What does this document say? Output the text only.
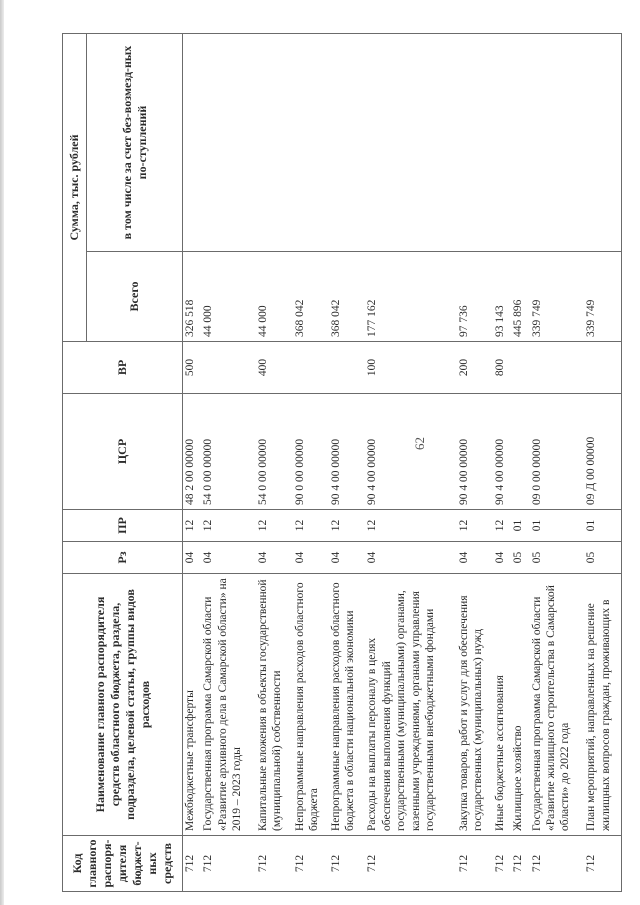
62
Код главного распоря-дителя бюджет-ных средств	Наименование главного распорядителя средств областного бюджета, раздела, подраздела, целевой статьи, группы видов расходов	Рз	ПР	ЦСР	ВР	Сумма, тыс. рублей	
						Всего	в том числе за счет без-возмезд-ных по-ступлений
712	Межбюджетные трансферты	04	12	48 2 00 00000	500	326 518	
712	Государственная программа Самарской области «Развитие архивного дела в Самарской области» на 2019 – 2023 годы	04	12	54 0 00 00000		44 000	
712	Капитальные вложения в объекты государственной (муниципальной) собственности	04	12	54 0 00 00000	400	44 000	
712	Непрограммные направления расходов областного бюджета	04	12	90 0 00 00000		368 042	
712	Непрограммные направления расходов областного бюджета в области национальной экономики	04	12	90 4 00 00000		368 042	
712	Расходы на выплаты персоналу в целях обеспечения выполнения функций государственными (муниципальными) органами, казенными учреждениями, органами управления государственными внебюджетными фондами	04	12	90 4 00 00000	100	177 162	
712	Закупка товаров, работ и услуг для обеспечения государственных (муниципальных) нужд	04	12	90 4 00 00000	200	97 736	
712	Иные бюджетные ассигнования	04	12	90 4 00 00000	800	93 143	
712	Жилищное хозяйство	05	01			445 896	
712	Государственная программа Самарской области «Развитие жилищного строительства в Самарской области» до 2022 года	05	01	09 0 00 00000		339 749	
712	План мероприятий, направленных на решение жилищных вопросов граждан, проживающих в	05	01	09 Д 00 00000		339 749	
